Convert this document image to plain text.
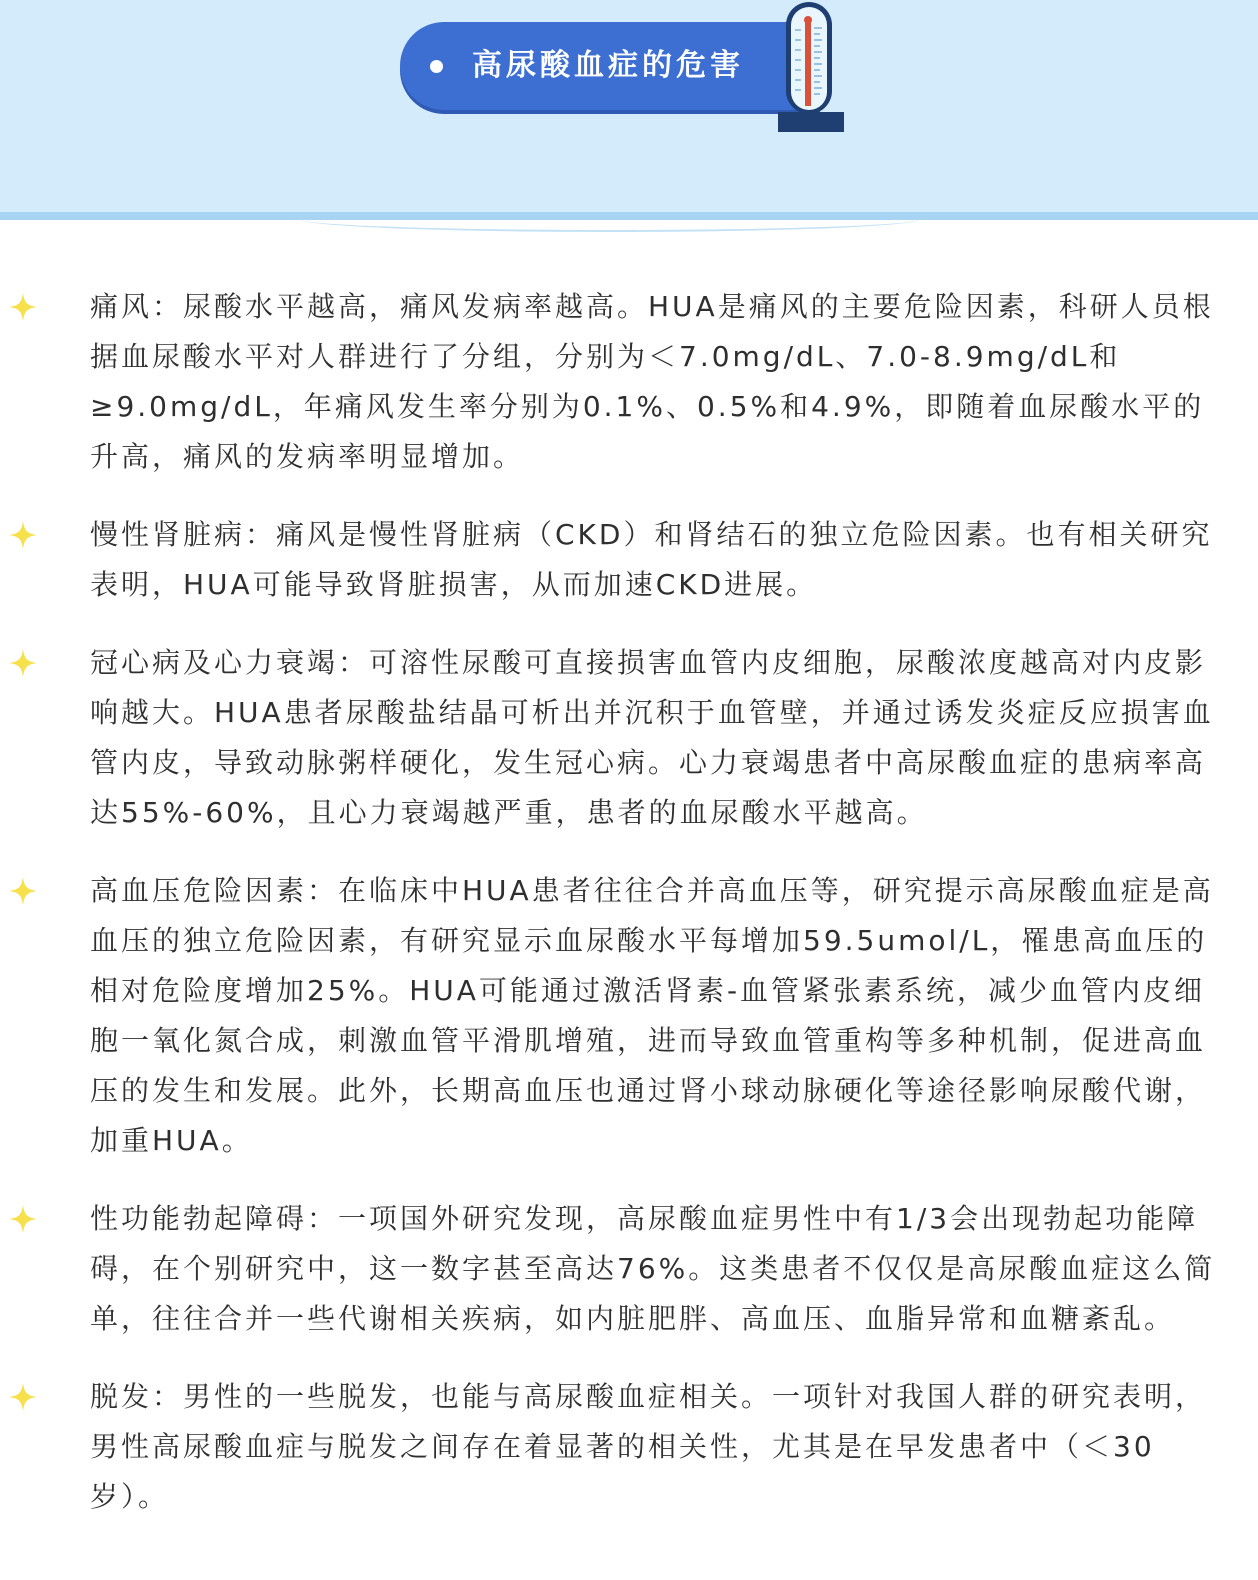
高尿酸血症的危害

痛风：尿酸水平越高，痛风发病率越高。HUA是痛风的主要危险因素，科研人员根据血尿酸水平对人群进行了分组，分别为＜7.0mg/dL、7.0-8.9mg/dL和≥9.0mg/dL，年痛风发生率分别为0.1%、0.5%和4.9%，即随着血尿酸水平的升高，痛风的发病率明显增加。

慢性肾脏病：痛风是慢性肾脏病（CKD）和肾结石的独立危险因素。也有相关研究表明，HUA可能导致肾脏损害，从而加速CKD进展。

冠心病及心力衰竭：可溶性尿酸可直接损害血管内皮细胞，尿酸浓度越高对内皮影响越大。HUA患者尿酸盐结晶可析出并沉积于血管壁，并通过诱发炎症反应损害血管内皮，导致动脉粥样硬化，发生冠心病。心力衰竭患者中高尿酸血症的患病率高达55%-60%，且心力衰竭越严重，患者的血尿酸水平越高。

高血压危险因素：在临床中HUA患者往往合并高血压等，研究提示高尿酸血症是高血压的独立危险因素，有研究显示血尿酸水平每增加59.5umol/L，罹患高血压的相对危险度增加25%。HUA可能通过激活肾素-血管紧张素系统，减少血管内皮细胞一氧化氮合成，刺激血管平滑肌增殖，进而导致血管重构等多种机制，促进高血压的发生和发展。此外，长期高血压也通过肾小球动脉硬化等途径影响尿酸代谢，加重HUA。

性功能勃起障碍：一项国外研究发现，高尿酸血症男性中有1/3会出现勃起功能障碍，在个别研究中，这一数字甚至高达76%。这类患者不仅仅是高尿酸血症这么简单，往往合并一些代谢相关疾病，如内脏肥胖、高血压、血脂异常和血糖紊乱。

脱发：男性的一些脱发，也能与高尿酸血症相关。一项针对我国人群的研究表明，男性高尿酸血症与脱发之间存在着显著的相关性，尤其是在早发患者中（＜30岁）。
